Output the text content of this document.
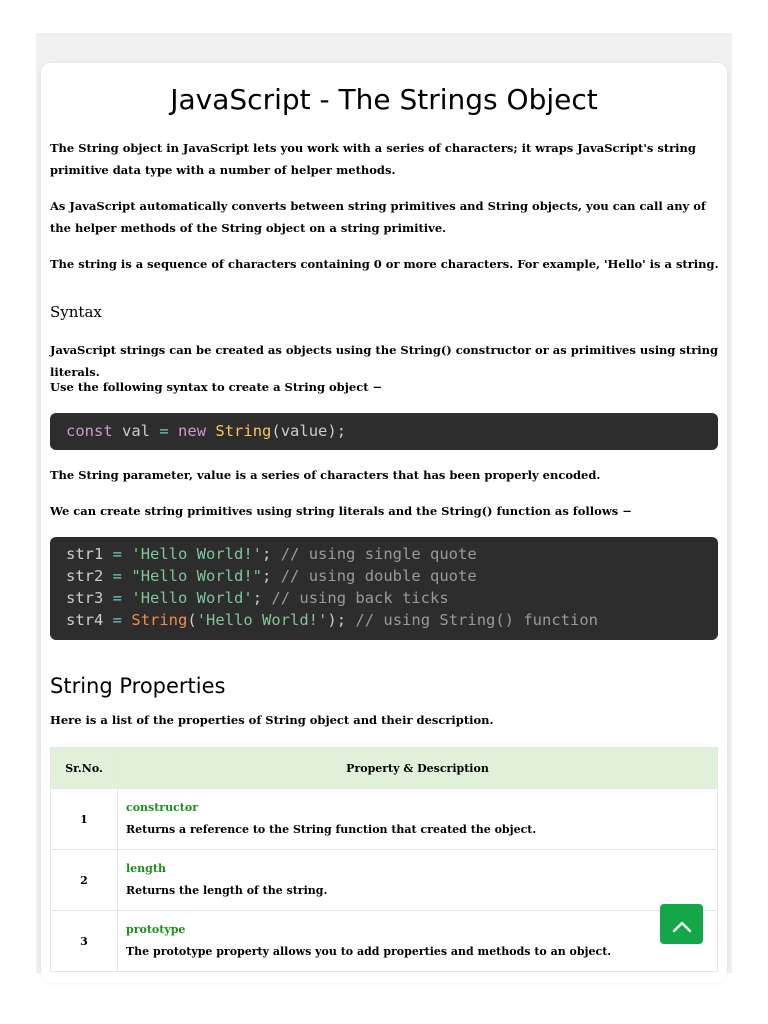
JavaScript - The Strings Object

The String object in JavaScript lets you work with a series of characters; it wraps JavaScript's string primitive data type with a number of helper methods.

As JavaScript automatically converts between string primitives and String objects, you can call any of the helper methods of the String object on a string primitive.

The string is a sequence of characters containing 0 or more characters. For example, 'Hello' is a string.

Syntax

JavaScript strings can be created as objects using the String() constructor or as primitives using string literals.

Use the following syntax to create a String object −

const val = new String(value);

The String parameter, value is a series of characters that has been properly encoded.

We can create string primitives using string literals and the String() function as follows −

str1 = 'Hello World!'; // using single quote
str2 = "Hello World!"; // using double quote
str3 = 'Hello World'; // using back ticks
str4 = String('Hello World!'); // using String() function
String Properties

Here is a list of the properties of String object and their description.

Sr.No.	Property & Description
1	constructor
Returns a reference to the String function that created the object.

2	length
Returns the length of the string.

3	prototype
The prototype property allows you to add properties and methods to an object.
